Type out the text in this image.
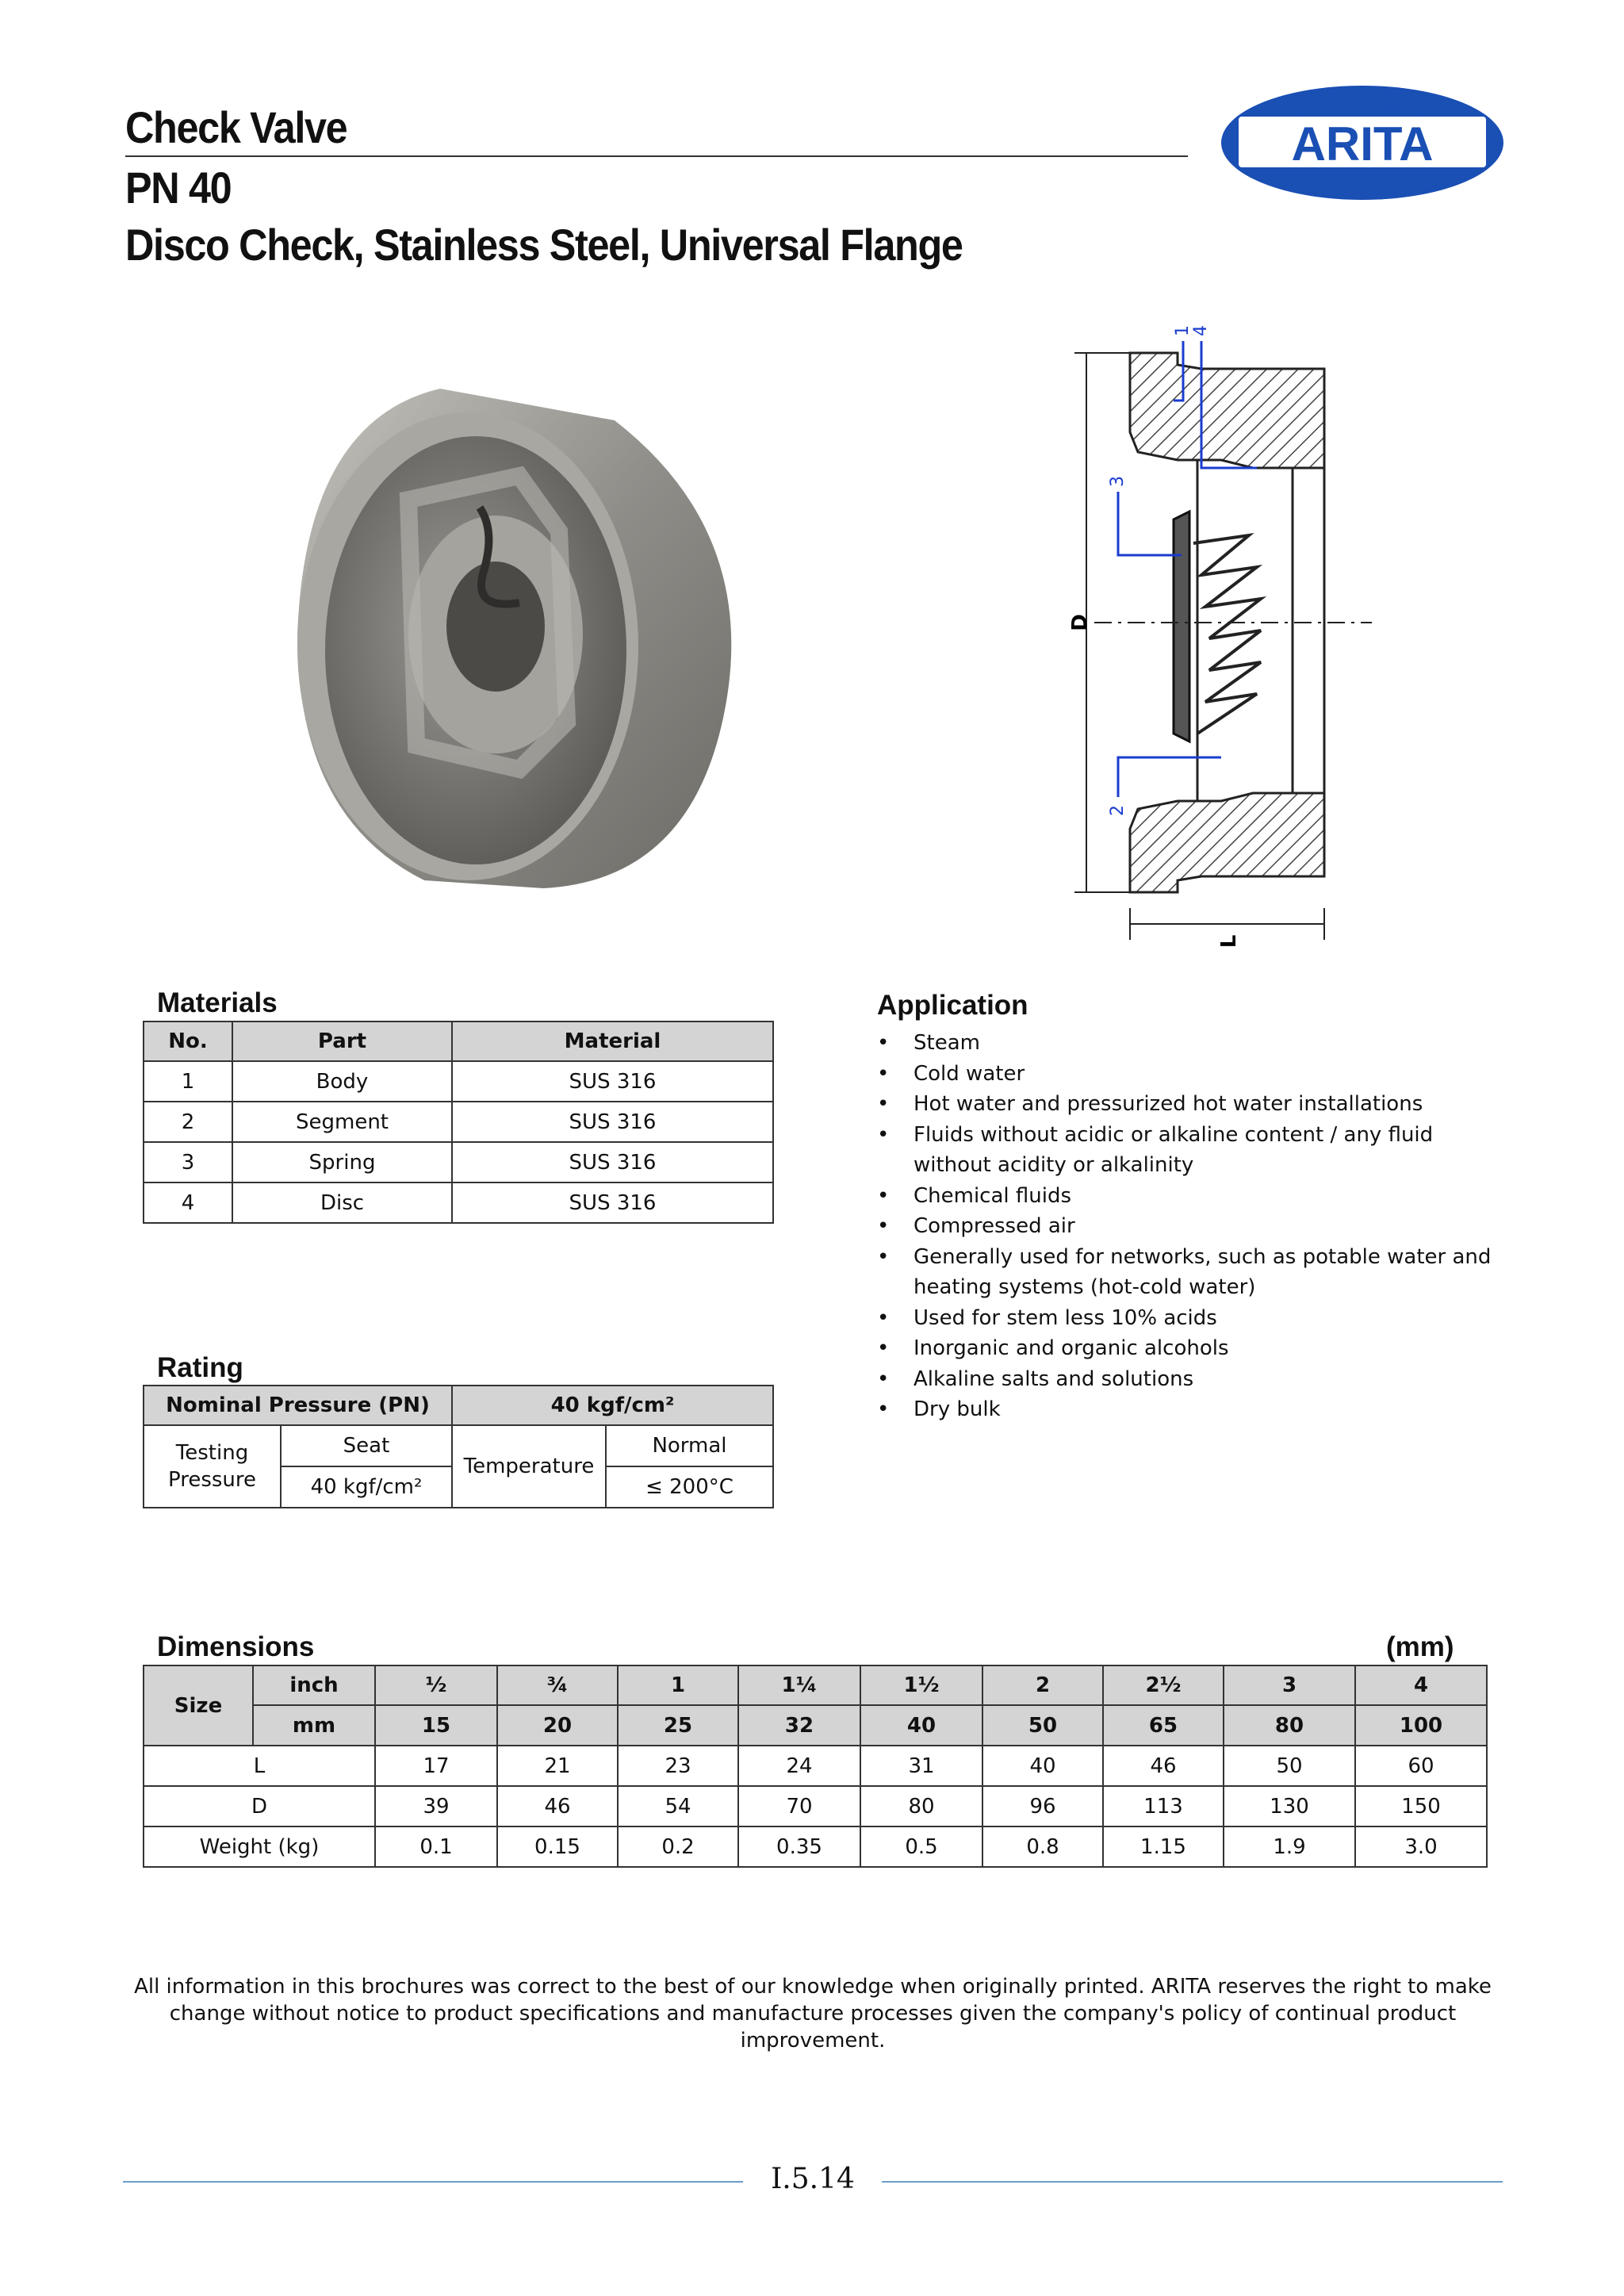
Check Valve
PN 40
Disco Check, Stainless Steel, Universal Flange
ARITA
D
L
1
4
3
2
Materials
No.	Part	Material
1	Body	SUS 316
2	Segment	SUS 316
3	Spring	SUS 316
4	Disc	SUS 316
Rating
Nominal Pressure (PN)		40 kgf/cm²	
Testing
Pressure	Seat	Temperature	Normal
	40 kgf/cm²		≤ 200°C
Application
• Steam
• Cold water
• Hot water and pressurized hot water installations
• Fluids without acidic or alkaline content / any fluid without acidity or alkalinity
• Chemical fluids
• Compressed air
• Generally used for networks, such as potable water and heating systems (hot-cold water)
• Used for stem less 10% acids
• Inorganic and organic alcohols
• Alkaline salts and solutions
• Dry bulk
Dimensions	(mm)
Size	inch	½	¾	1	1¼	1½	2	2½	3	4
	mm	15	20	25	32	40	50	65	80	100
L		17	21	23	24	31	40	46	50	60
D		39	46	54	70	80	96	113	130	150
Weight (kg)		0.1	0.15	0.2	0.35	0.5	0.8	1.15	1.9	3.0
All information in this brochures was correct to the best of our knowledge when originally printed. ARITA reserves the right to make
change without notice to product specifications and manufacture processes given the company's policy of continual product improvement.
I.5.14
